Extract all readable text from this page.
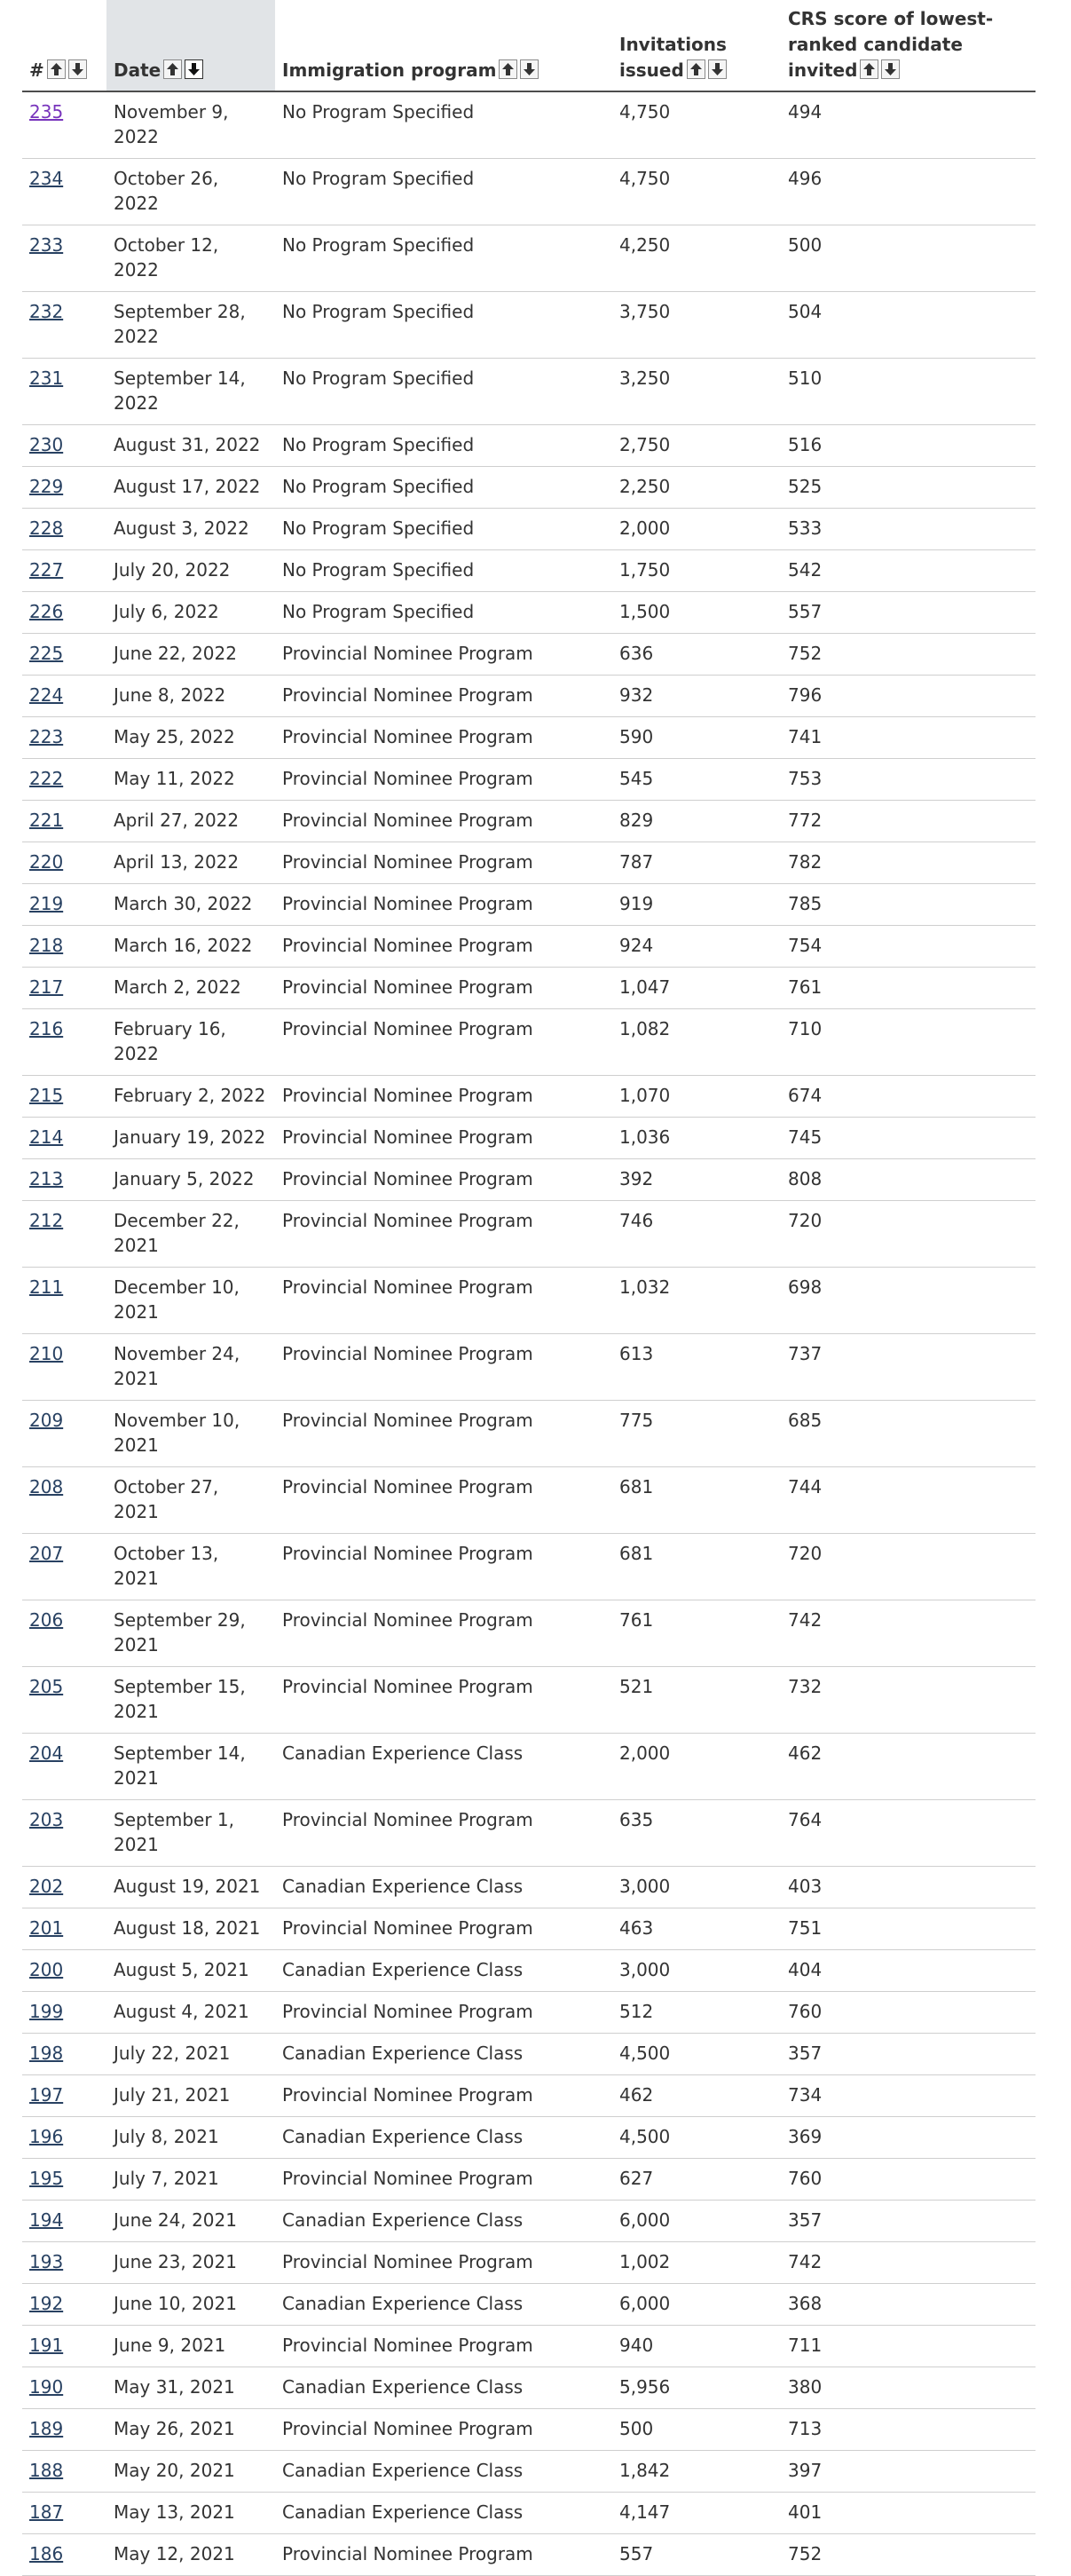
#	Date	Immigration program	Invitations issued	CRS score of lowest-ranked candidate invited

235	November 9, 2022	No Program Specified	4,750	494
234	October 26, 2022	No Program Specified	4,750	496
233	October 12, 2022	No Program Specified	4,250	500
232	September 28, 2022	No Program Specified	3,750	504
231	September 14, 2022	No Program Specified	3,250	510
230	August 31, 2022	No Program Specified	2,750	516
229	August 17, 2022	No Program Specified	2,250	525
228	August 3, 2022	No Program Specified	2,000	533
227	July 20, 2022	No Program Specified	1,750	542
226	July 6, 2022	No Program Specified	1,500	557
225	June 22, 2022	Provincial Nominee Program	636	752
224	June 8, 2022	Provincial Nominee Program	932	796
223	May 25, 2022	Provincial Nominee Program	590	741
222	May 11, 2022	Provincial Nominee Program	545	753
221	April 27, 2022	Provincial Nominee Program	829	772
220	April 13, 2022	Provincial Nominee Program	787	782
219	March 30, 2022	Provincial Nominee Program	919	785
218	March 16, 2022	Provincial Nominee Program	924	754
217	March 2, 2022	Provincial Nominee Program	1,047	761
216	February 16, 2022	Provincial Nominee Program	1,082	710
215	February 2, 2022	Provincial Nominee Program	1,070	674
214	January 19, 2022	Provincial Nominee Program	1,036	745
213	January 5, 2022	Provincial Nominee Program	392	808
212	December 22, 2021	Provincial Nominee Program	746	720
211	December 10, 2021	Provincial Nominee Program	1,032	698
210	November 24, 2021	Provincial Nominee Program	613	737
209	November 10, 2021	Provincial Nominee Program	775	685
208	October 27, 2021	Provincial Nominee Program	681	744
207	October 13, 2021	Provincial Nominee Program	681	720
206	September 29, 2021	Provincial Nominee Program	761	742
205	September 15, 2021	Provincial Nominee Program	521	732
204	September 14, 2021	Canadian Experience Class	2,000	462
203	September 1, 2021	Provincial Nominee Program	635	764
202	August 19, 2021	Canadian Experience Class	3,000	403
201	August 18, 2021	Provincial Nominee Program	463	751
200	August 5, 2021	Canadian Experience Class	3,000	404
199	August 4, 2021	Provincial Nominee Program	512	760
198	July 22, 2021	Canadian Experience Class	4,500	357
197	July 21, 2021	Provincial Nominee Program	462	734
196	July 8, 2021	Canadian Experience Class	4,500	369
195	July 7, 2021	Provincial Nominee Program	627	760
194	June 24, 2021	Canadian Experience Class	6,000	357
193	June 23, 2021	Provincial Nominee Program	1,002	742
192	June 10, 2021	Canadian Experience Class	6,000	368
191	June 9, 2021	Provincial Nominee Program	940	711
190	May 31, 2021	Canadian Experience Class	5,956	380
189	May 26, 2021	Provincial Nominee Program	500	713
188	May 20, 2021	Canadian Experience Class	1,842	397
187	May 13, 2021	Canadian Experience Class	4,147	401
186	May 12, 2021	Provincial Nominee Program	557	752
